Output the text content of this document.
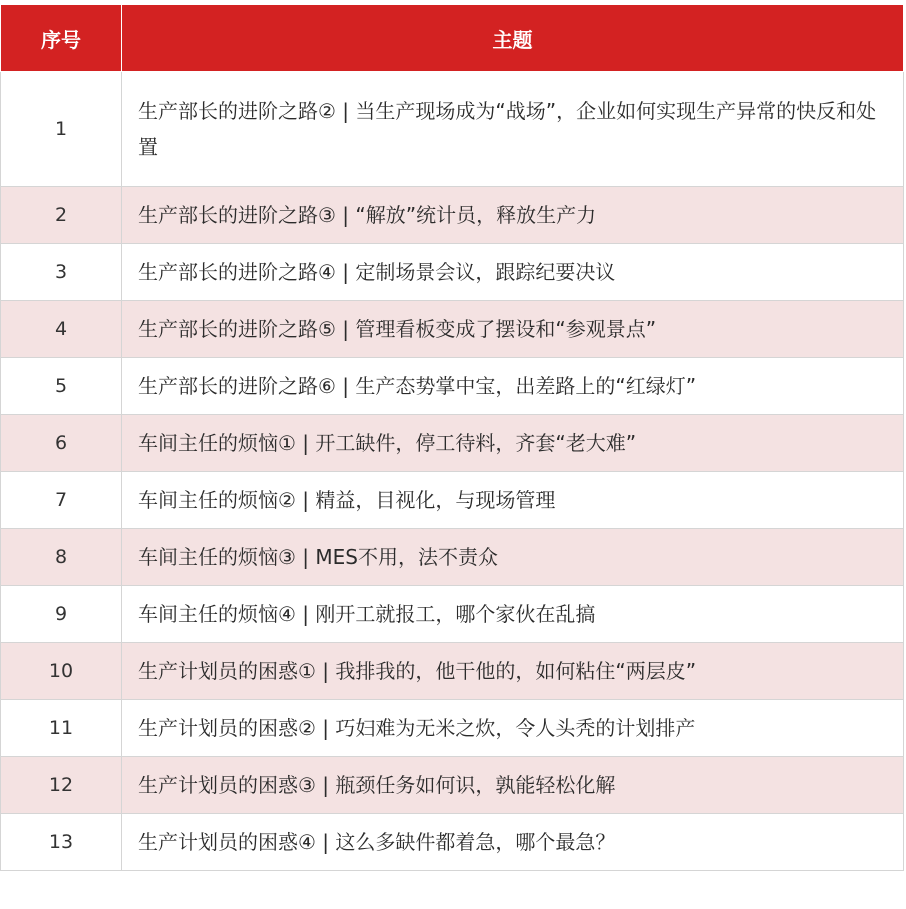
序号	主题
1	生产部长的进阶之路② | 当生产现场成为“战场”，企业如何实现生产异常的快反和处置
2	生产部长的进阶之路③ | “解放”统计员，释放生产力
3	生产部长的进阶之路④ | 定制场景会议，跟踪纪要决议
4	生产部长的进阶之路⑤ | 管理看板变成了摆设和“参观景点”
5	生产部长的进阶之路⑥ | 生产态势掌中宝，出差路上的“红绿灯”
6	车间主任的烦恼① | 开工缺件，停工待料，齐套“老大难”
7	车间主任的烦恼② | 精益，目视化，与现场管理
8	车间主任的烦恼③ | MES不用，法不责众
9	车间主任的烦恼④ | 刚开工就报工，哪个家伙在乱搞
10	生产计划员的困惑① | 我排我的，他干他的，如何粘住“两层皮”
11	生产计划员的困惑② | 巧妇难为无米之炊，令人头秃的计划排产
12	生产计划员的困惑③ | 瓶颈任务如何识，孰能轻松化解
13	生产计划员的困惑④ | 这么多缺件都着急，哪个最急？
